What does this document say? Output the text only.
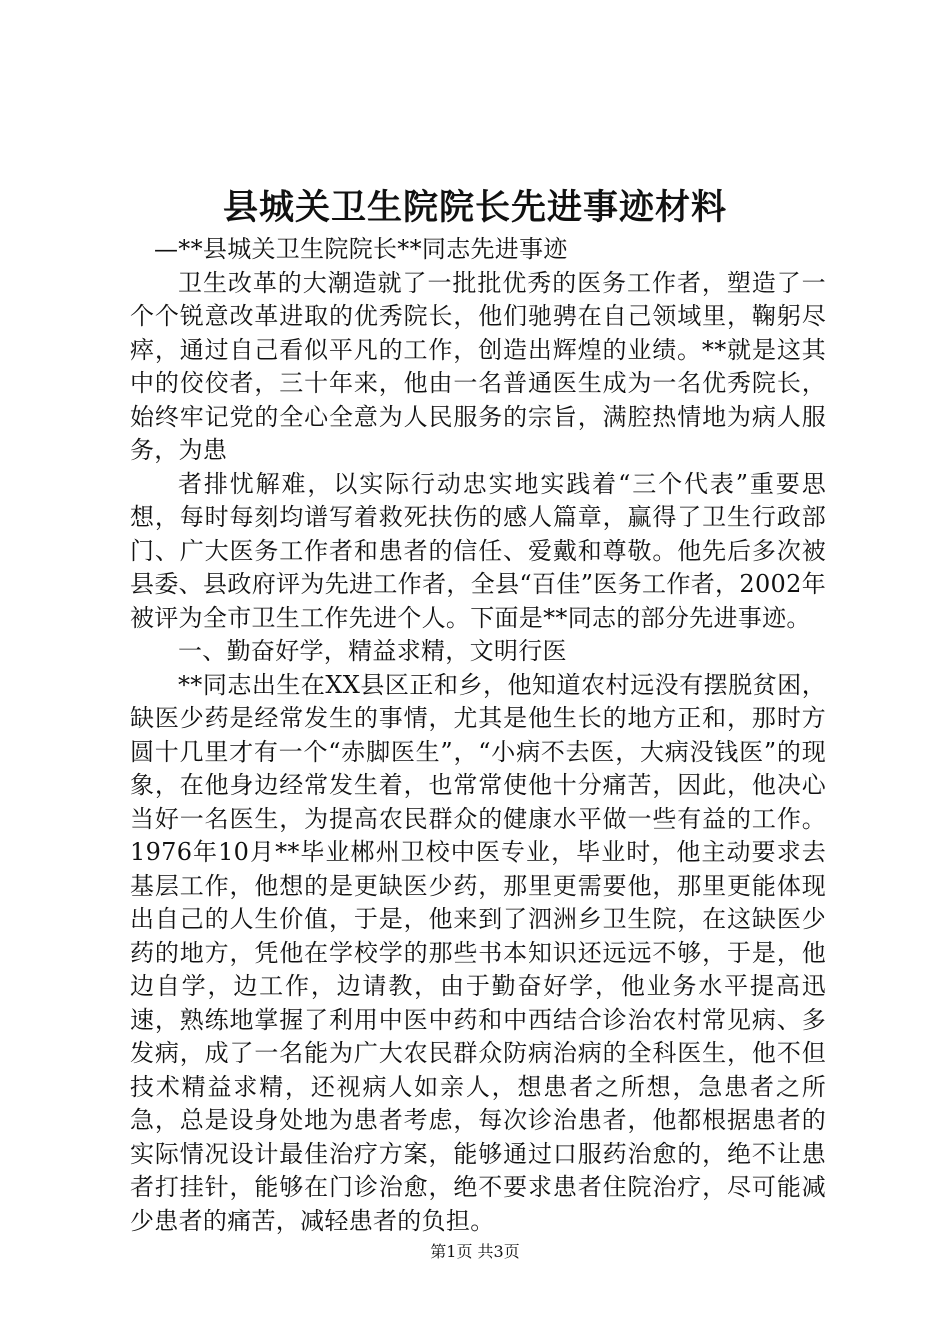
县城关卫生院院长先进事迹材料

—**县城关卫生院院长**同志先进事迹

卫生改革的大潮造就了一批批优秀的医务工作者，塑造了一个个锐意改革进取的优秀院长，他们驰骋在自己领域里，鞠躬尽瘁，通过自己看似平凡的工作，创造出辉煌的业绩。**就是这其中的佼佼者，三十年来，他由一名普通医生成为一名优秀院长，始终牢记党的全心全意为人民服务的宗旨，满腔热情地为病人服务，为患

者排忧解难，以实际行动忠实地实践着“三个代表”重要思想，每时每刻均谱写着救死扶伤的感人篇章，赢得了卫生行政部门、广大医务工作者和患者的信任、爱戴和尊敬。他先后多次被县委、县政府评为先进工作者，全县“百佳”医务工作者，2002年被评为全市卫生工作先进个人。下面是**同志的部分先进事迹。

一、勤奋好学，精益求精，文明行医

**同志出生在XX县区正和乡，他知道农村远没有摆脱贫困，缺医少药是经常发生的事情，尤其是他生长的地方正和，那时方圆十几里才有一个“赤脚医生”，“小病不去医，大病没钱医”的现象，在他身边经常发生着，也常常使他十分痛苦，因此，他决心当好一名医生，为提高农民群众的健康水平做一些有益的工作。1976年10月**毕业郴州卫校中医专业，毕业时，他主动要求去基层工作，他想的是更缺医少药，那里更需要他，那里更能体现出自己的人生价值，于是，他来到了泗洲乡卫生院，在这缺医少药的地方，凭他在学校学的那些书本知识还远远不够，于是，他边自学，边工作，边请教，由于勤奋好学，他业务水平提高迅速，熟练地掌握了利用中医中药和中西结合诊治农村常见病、多发病，成了一名能为广大农民群众防病治病的全科医生，他不但技术精益求精，还视病人如亲人，想患者之所想，急患者之所急，总是设身处地为患者考虑，每次诊治患者，他都根据患者的实际情况设计最佳治疗方案，能够通过口服药治愈的，绝不让患者打挂针，能够在门诊治愈，绝不要求患者住院治疗，尽可能减少患者的痛苦，减轻患者的负担。

第1页 共3页
